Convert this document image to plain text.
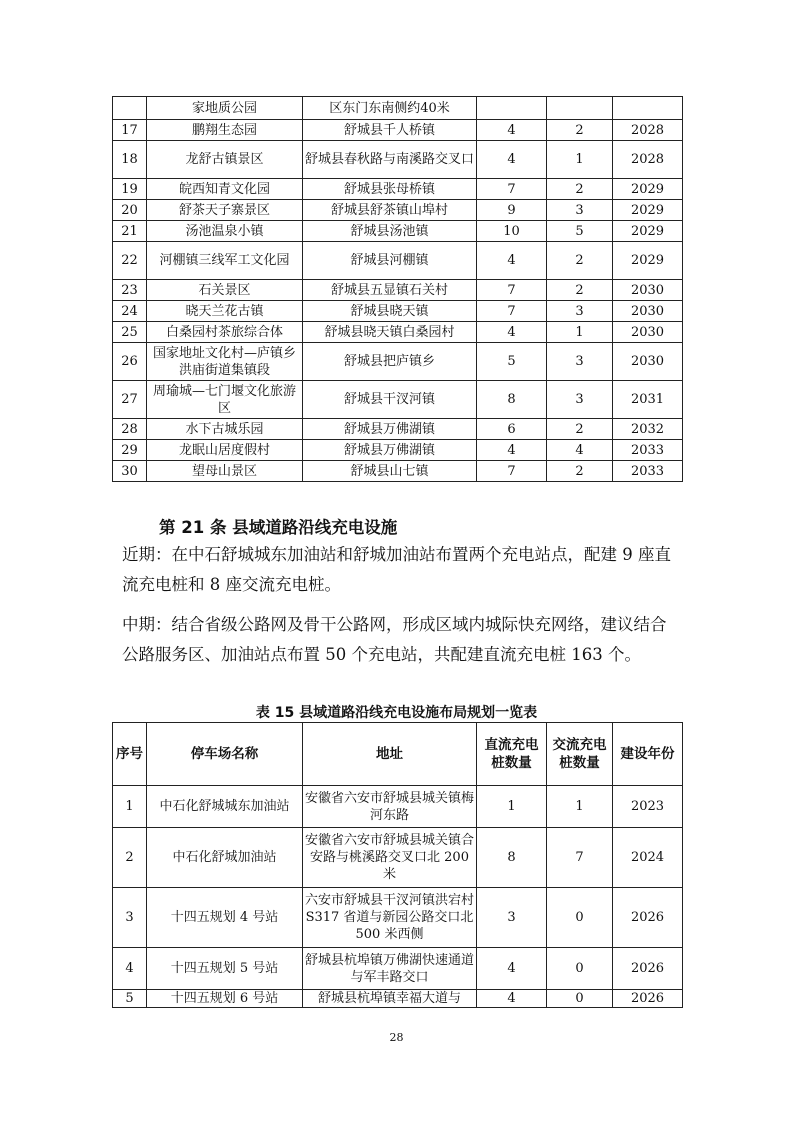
	家地质公园	区东门东南侧约40米			
17	鹏翔生态园	舒城县千人桥镇	4	2	2028
18	龙舒古镇景区	舒城县春秋路与南溪路交叉口	4	1	2028
19	皖西知青文化园	舒城县张母桥镇	7	2	2029
20	舒茶天子寨景区	舒城县舒茶镇山埠村	9	3	2029
21	汤池温泉小镇	舒城县汤池镇	10	5	2029
22	河棚镇三线军工文化园	舒城县河棚镇	4	2	2029
23	石关景区	舒城县五显镇石关村	7	2	2030
24	晓天兰花古镇	舒城县晓天镇	7	3	2030
25	白桑园村茶旅综合体	舒城县晓天镇白桑园村	4	1	2030
26	国家地址文化村—庐镇乡洪庙街道集镇段	舒城县把庐镇乡	5	3	2030
27	周瑜城—七门堰文化旅游区	舒城县干汊河镇	8	3	2031
28	水下古城乐园	舒城县万佛湖镇	6	2	2032
29	龙眠山居度假村	舒城县万佛湖镇	4	4	2033
30	望母山景区	舒城县山七镇	7	2	2033
第 21 条 县域道路沿线充电设施

近期：在中石舒城城东加油站和舒城加油站布置两个充电站点，配建 9 座直流充电桩和 8 座交流充电桩。

中期：结合省级公路网及骨干公路网，形成区域内城际快充网络，建议结合公路服务区、加油站点布置 50 个充电站，共配建直流充电桩 163 个。

表 15 县域道路沿线充电设施布局规划一览表
序号	停车场名称	地址	直流充电桩数量	交流充电桩数量	建设年份
1	中石化舒城城东加油站	安徽省六安市舒城县城关镇梅河东路	1	1	2023
2	中石化舒城加油站	安徽省六安市舒城县城关镇合安路与桃溪路交叉口北 200 米	8	7	2024
3	十四五规划 4 号站	六安市舒城县干汊河镇洪宕村 S317 省道与新园公路交口北 500 米西侧	3	0	2026
4	十四五规划 5 号站	舒城县杭埠镇万佛湖快速通道与军丰路交口	4	0	2026
5	十四五规划 6 号站	舒城县杭埠镇幸福大道与	4	0	2026
28
